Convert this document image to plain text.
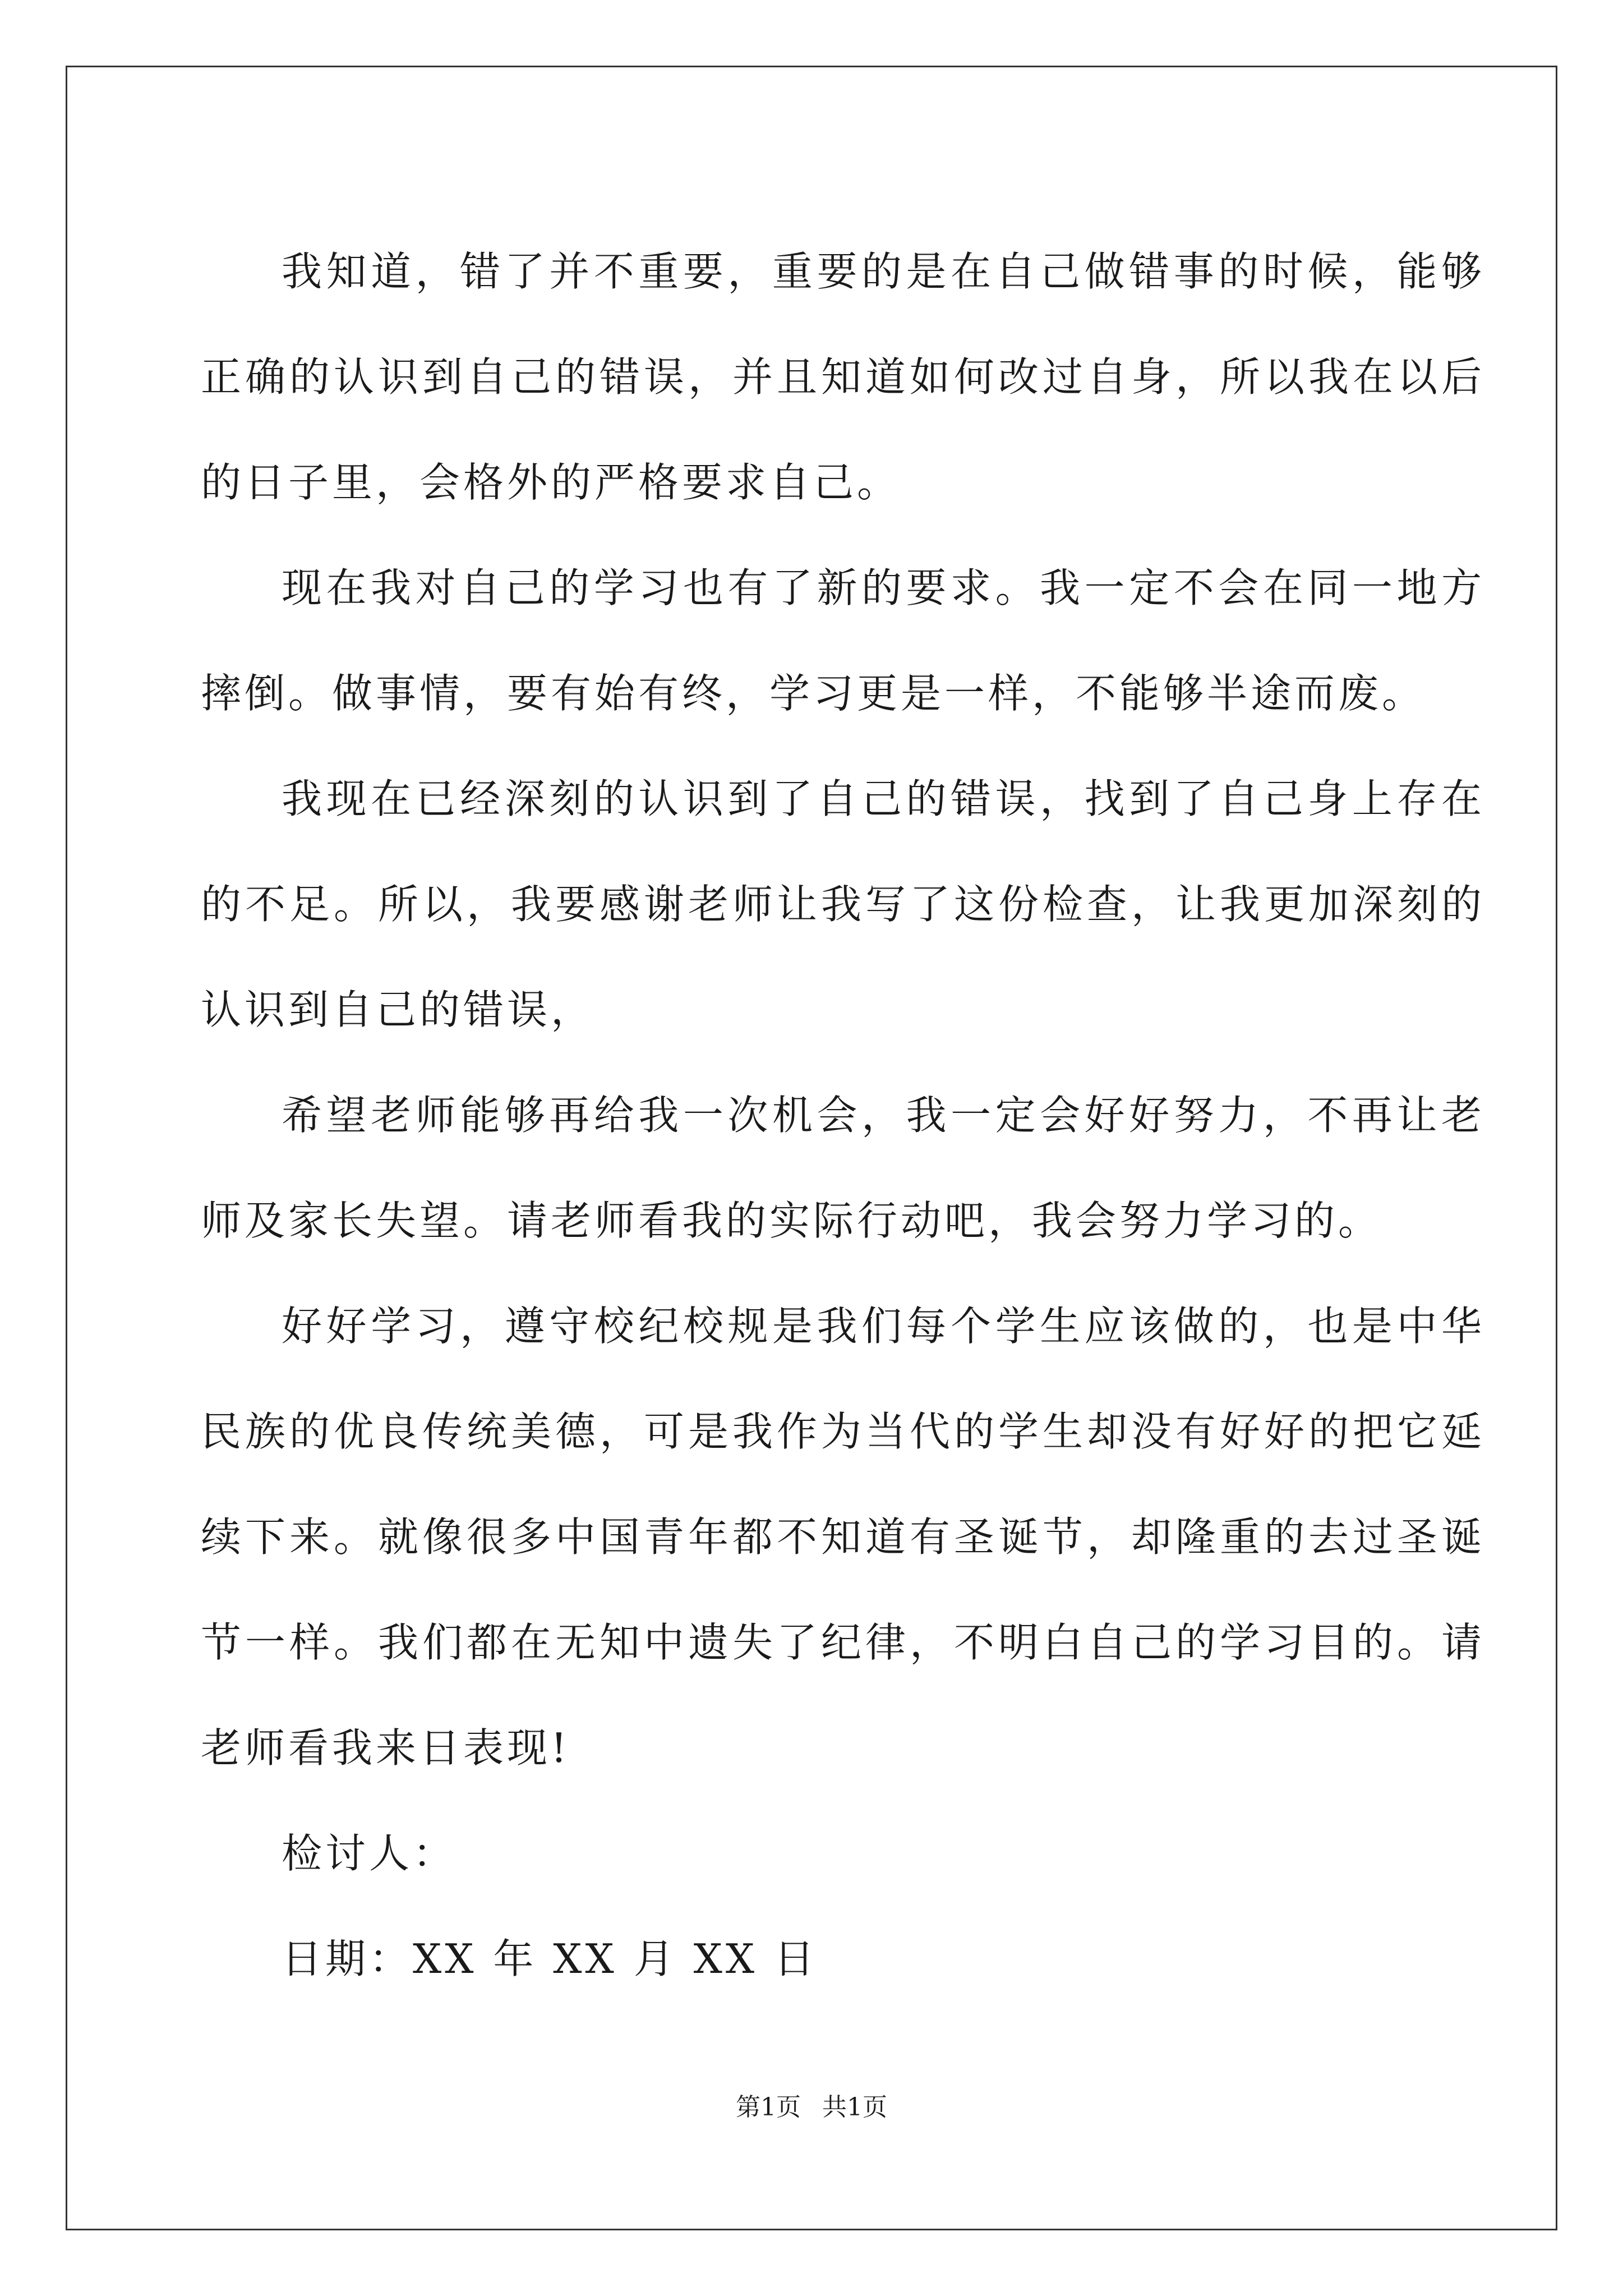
我知道，错了并不重要，重要的是在自己做错事的时候，能够正确的认识到自己的错误，并且知道如何改过自身，所以我在以后的日子里，会格外的严格要求自己。

现在我对自己的学习也有了新的要求。我一定不会在同一地方摔倒。做事情，要有始有终，学习更是一样，不能够半途而废。

我现在已经深刻的认识到了自己的错误，找到了自己身上存在的不足。所以，我要感谢老师让我写了这份检查，让我更加深刻的认识到自己的错误，

希望老师能够再给我一次机会，我一定会好好努力，不再让老师及家长失望。请老师看我的实际行动吧，我会努力学习的。

好好学习，遵守校纪校规是我们每个学生应该做的，也是中华民族的优良传统美德，可是我作为当代的学生却没有好好的把它延续下来。就像很多中国青年都不知道有圣诞节，却隆重的去过圣诞节一样。我们都在无知中遗失了纪律，不明白自己的学习目的。请老师看我来日表现!

检讨人：

日期：XX 年 XX 月 XX 日

第1页 共1页
